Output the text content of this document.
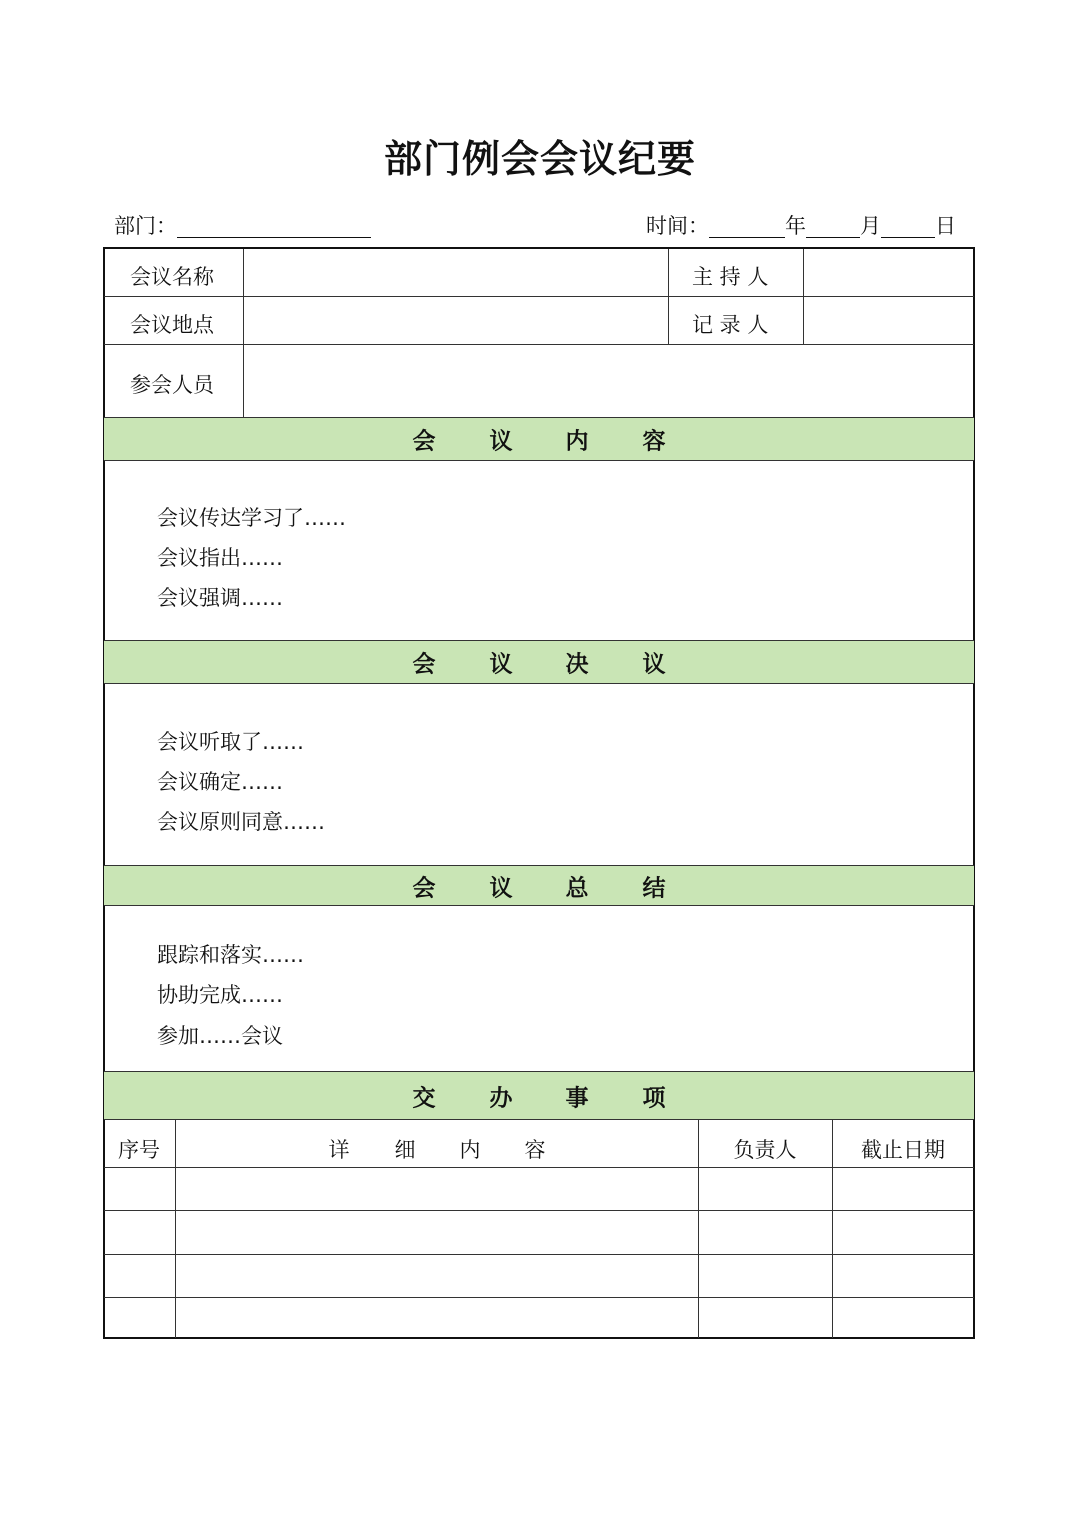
部门例会会议纪要
部门：	时间：	年	月	日
会议名称	主 持 人
会议地点	记 录 人
参会人员
会 议 内 容
会议传达学习了……
会议指出……
会议强调……
会 议 决 议
会议听取了……
会议确定……
会议原则同意……
会 议 总 结
跟踪和落实……
协助完成……
参加……会议
交 办 事 项
序号	详 细 内 容	负责人	截止日期
